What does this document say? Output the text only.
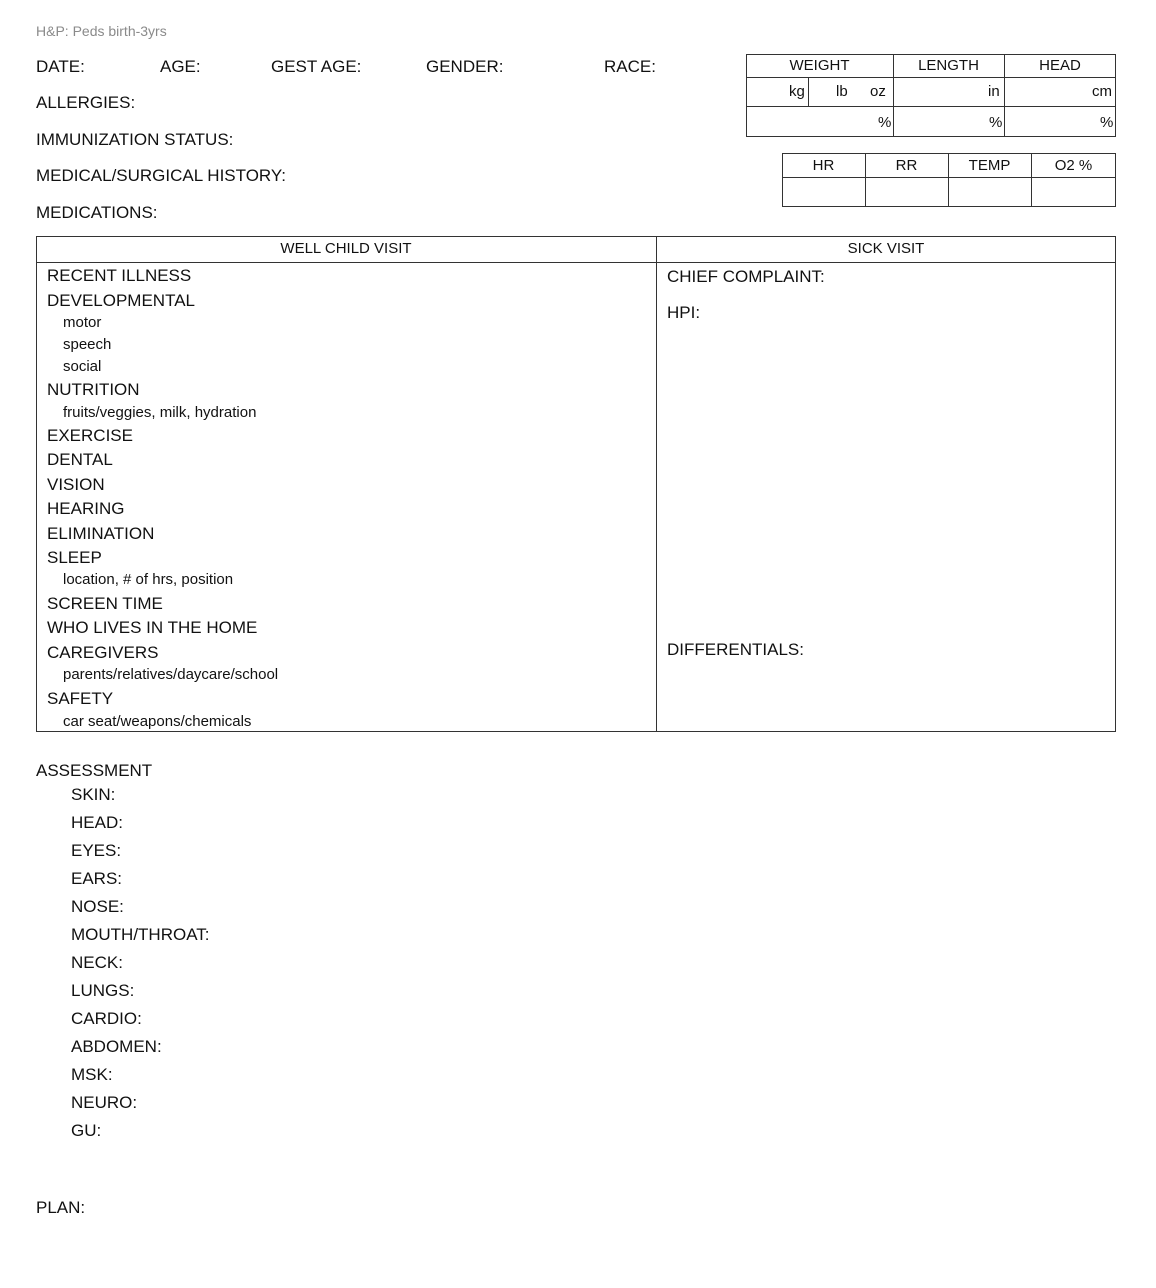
H&P: Peds birth-3yrs
DATE:	AGE:	GEST AGE:	GENDER:	RACE:
ALLERGIES:
IMMUNIZATION STATUS:
MEDICAL/SURGICAL HISTORY:
MEDICATIONS:
WEIGHT	LENGTH	HEAD
kg lb oz	in	cm
%	%	%
HR	RR	TEMP	O2 %
WELL CHILD VISIT	SICK VISIT
RECENT ILLNESS
DEVELOPMENTAL
motor
speech
social
NUTRITION
fruits/veggies, milk, hydration
EXERCISE
DENTAL
VISION
HEARING
ELIMINATION
SLEEP
location, # of hrs, position
SCREEN TIME
WHO LIVES IN THE HOME
CAREGIVERS
parents/relatives/daycare/school
SAFETY
car seat/weapons/chemicals
CHIEF COMPLAINT:
HPI:
DIFFERENTIALS:
ASSESSMENT
SKIN:
HEAD:
EYES:
EARS:
NOSE:
MOUTH/THROAT:
NECK:
LUNGS:
CARDIO:
ABDOMEN:
MSK:
NEURO:
GU:
PLAN:
